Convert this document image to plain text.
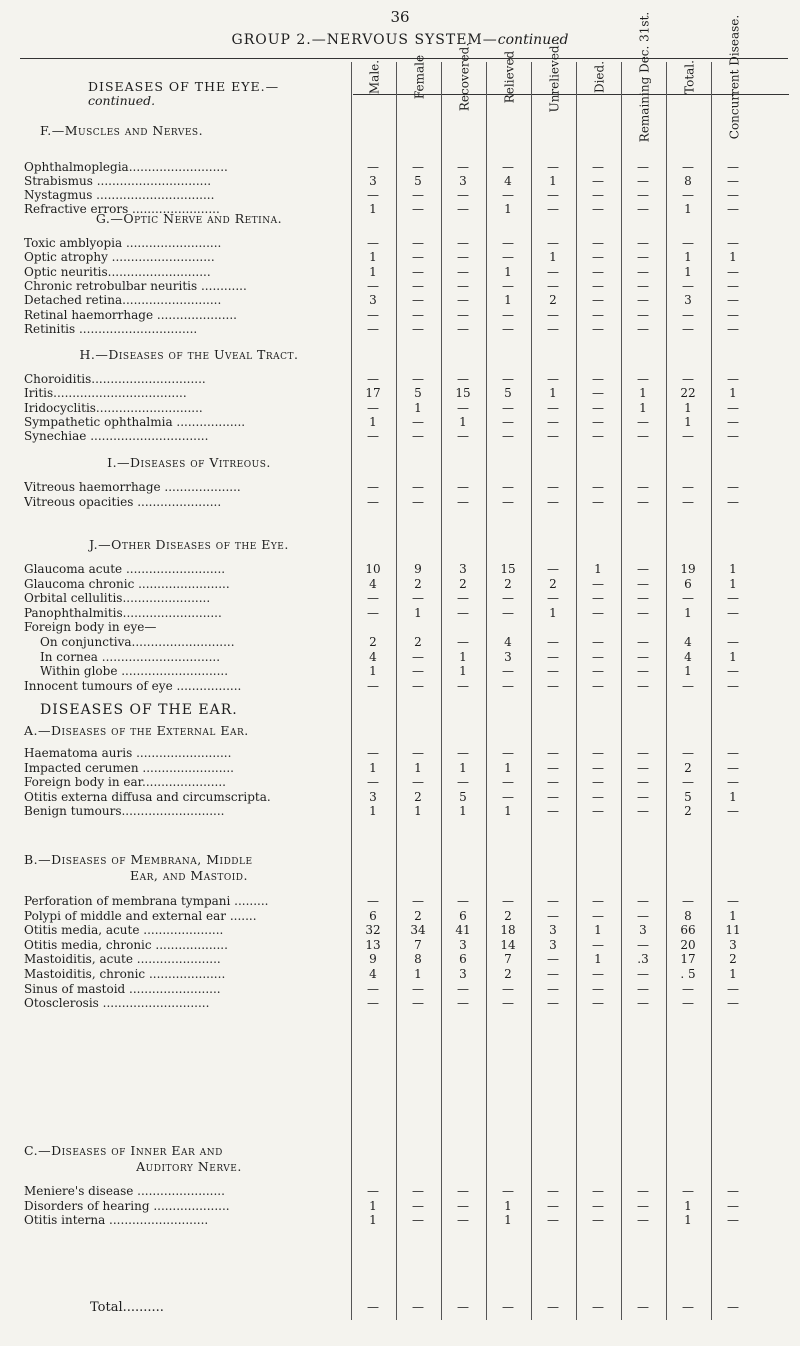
36
GROUP 2.—NERVOUS SYSTEM—continued
DISEASES OF THE EYE.—
continued.
F.—Muscles and Nerves.
Male.	Female	Recovered.	Relieved	Unrelieved.	Died.	Remaining Dec. 31st.	Total.	Concurrent Disease.
Ophthalmoplegia..........................	—	—	—	—	—	—	—	—	—
Strabismus ..............................	3	5	3	4	1	—	—	8	—
Nystagmus ...............................	—	—	—	—	—	—	—	—	—
Refractive errors .......................	1	—	—	1	—	—	—	1	—
G.—Optic Nerve and Retina.
Toxic amblyopia .........................	—	—	—	—	—	—	—	—	—
Optic atrophy ...........................	1	—	—	—	1	—	—	1	1
Optic neuritis...........................	1	—	—	1	—	—	—	1	—
Chronic retrobulbar neuritis ............	—	—	—	—	—	—	—	—	—
Detached retina..........................	3	—	—	1	2	—	—	3	—
Retinal haemorrhage .....................	—	—	—	—	—	—	—	—	—
Retinitis ...............................	—	—	—	—	—	—	—	—	—
H.—Diseases of the Uveal Tract.
Choroiditis..............................	—	—	—	—	—	—	—	—	—
Iritis...................................	17	5	15	5	1	—	1	22	1
Iridocyclitis............................	—	1	—	—	—	—	1	1	—
Sympathetic ophthalmia ..................	1	—	1	—	—	—	—	1	—
Synechiae ...............................	—	—	—	—	—	—	—	—	—
I.—Diseases of Vitreous.
Vitreous haemorrhage ....................	—	—	—	—	—	—	—	—	—
Vitreous opacities ......................	—	—	—	—	—	—	—	—	—
J.—Other Diseases of the Eye.
Glaucoma acute ..........................	10	9	3	15	—	1	—	19	1
Glaucoma chronic ........................	4	2	2	2	2	—	—	6	1
Orbital cellulitis.......................	—	—	—	—	—	—	—	—	—
Panophthalmitis..........................	—	1	—	—	1	—	—	1	—
Foreign body in eye—
On conjunctiva...........................	2	2	—	4	—	—	—	4	—
In cornea ...............................	4	—	1	3	—	—	—	4	1
Within globe ............................	1	—	1	—	—	—	—	1	—
Innocent tumours of eye .................	—	—	—	—	—	—	—	—	—
DISEASES OF THE EAR.
A.—Diseases of the External Ear.
Haematoma auris .........................	—	—	—	—	—	—	—	—	—
Impacted cerumen ........................	1	1	1	1	—	—	—	2	—
Foreign body in ear......................	—	—	—	—	—	—	—	—	—
Otitis externa diffusa and circumscripta.	3	2	5	—	—	—	—	5	1
Benign tumours...........................	1	1	1	1	—	—	—	2	—
B.—Diseases of Membrana, Middle
Ear, and Mastoid.
Perforation of membrana tympani .........	—	—	—	—	—	—	—	—	—
Polypi of middle and external ear .......	6	2	6	2	—	—	—	8	1
Otitis media, acute .....................	32	34	41	18	3	1	3	66	11
Otitis media, chronic ...................	13	7	3	14	3	—	—	20	3
Mastoiditis, acute ......................	9	8	6	7	—	1	.3	17	2
Mastoiditis, chronic ....................	4	1	3	2	—	—	—	. 5	1
Sinus of mastoid ........................	—	—	—	—	—	—	—	—	—
Otosclerosis ............................	—	—	—	—	—	—	—	—	—
C.—Diseases of Inner Ear and
Auditory Nerve.
Meniere's disease .......................	—	—	—	—	—	—	—	—	—
Disorders of hearing ....................	1	—	—	1	—	—	—	1	—
Otitis interna ..........................	1	—	—	1	—	—	—	1	—
Total..........	—	—	—	—	—	—	—	—	—
